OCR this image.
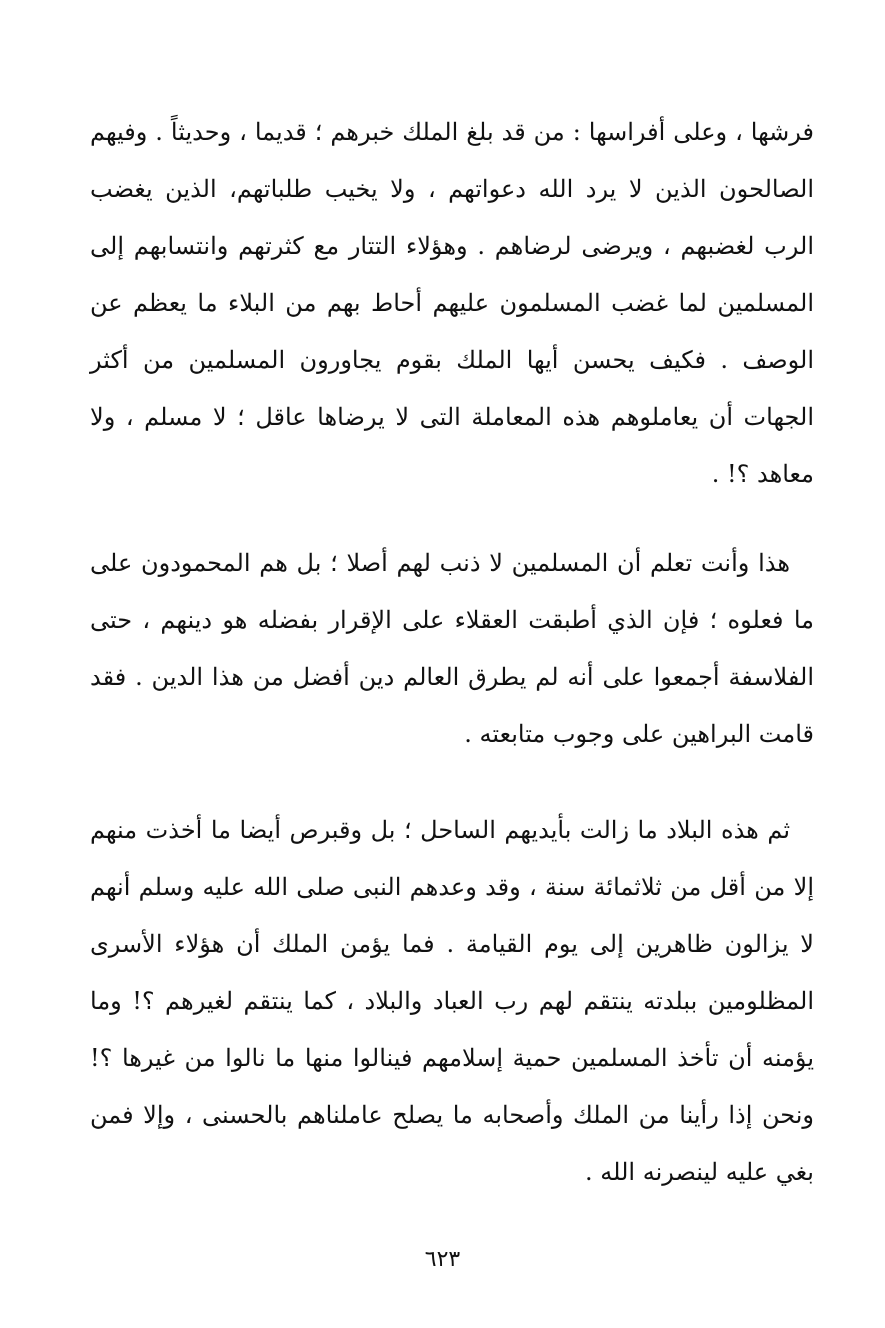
فرشها ، وعلى أفراسها : من قد بلغ الملك خبرهم ؛ قديما ، وحديثاً . وفيهم الصالحون الذين لا يرد الله دعواتهم ، ولا يخيب طلباتهم، الذين يغضب الرب لغضبهم ، ويرضى لرضاهم . وهؤلاء التتار مع كثرتهم وانتسابهم إلى المسلمين لما غضب المسلمون عليهم أحاط بهم من البلاء ما يعظم عن الوصف . فكيف يحسن أيها الملك بقوم يجاورون المسلمين من أكثر الجهات أن يعاملوهم هذه المعاملة التى لا يرضاها عاقل ؛ لا مسلم ، ولا معاهد ؟! .

هذا وأنت تعلم أن المسلمين لا ذنب لهم أصلا ؛ بل هم المحمودون على ما فعلوه ؛ فإن الذي أطبقت العقلاء على الإقرار بفضله هو دينهم ، حتى الفلاسفة أجمعوا على أنه لم يطرق العالم دين أفضل من هذا الدين . فقد قامت البراهين على وجوب متابعته .

ثم هذه البلاد ما زالت بأيديهم الساحل ؛ بل وقبرص أيضا ما أخذت منهم إلا من أقل من ثلاثمائة سنة ، وقد وعدهم النبى صلى الله عليه وسلم أنهم لا يزالون ظاهرين إلى يوم القيامة . فما يؤمن الملك أن هؤلاء الأسرى المظلومين ببلدته ينتقم لهم رب العباد والبلاد ، كما ينتقم لغيرهم ؟! وما يؤمنه أن تأخذ المسلمين حمية إسلامهم فينالوا منها ما نالوا من غيرها ؟! ونحن إذا رأينا من الملك وأصحابه ما يصلح عاملناهم بالحسنى ، وإلا فمن بغي عليه لينصرنه الله .

٦٢٣
